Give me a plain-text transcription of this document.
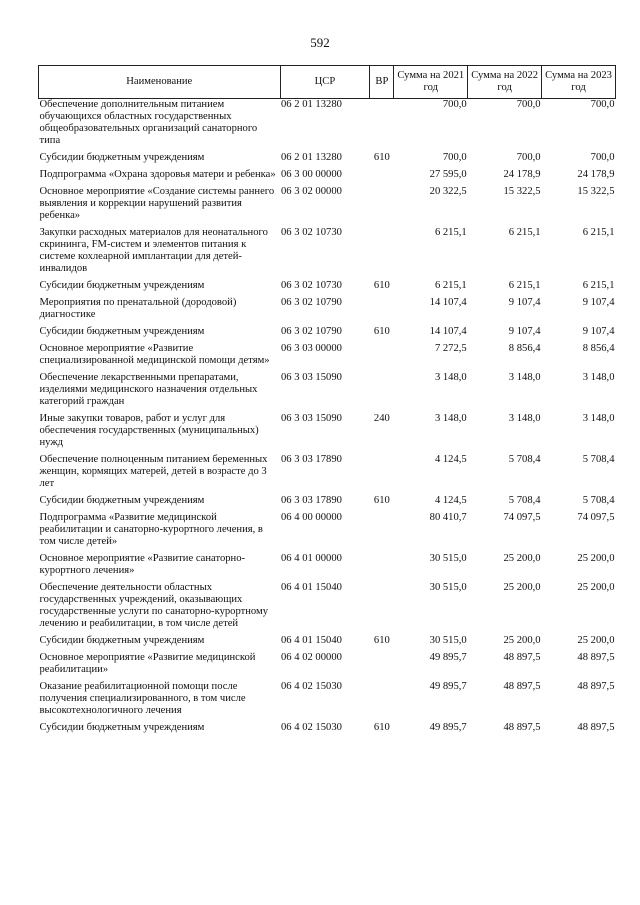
592
Наименование	ЦСР	ВР	Сумма на 2021 год	Сумма на 2022 год	Сумма на 2023 год
Обеспечение дополнительным питанием обучающихся областных государственных общеобразовательных организаций санаторного типа	06 2 01 13280		700,0	700,0	700,0
Субсидии бюджетным учреждениям	06 2 01 13280	610	700,0	700,0	700,0
Подпрограмма «Охрана здоровья матери и ребенка»	06 3 00 00000		27 595,0	24 178,9	24 178,9
Основное мероприятие «Создание системы раннего выявления и коррекции нарушений развития ребенка»	06 3 02 00000		20 322,5	15 322,5	15 322,5
Закупки расходных материалов для неонатального скрининга, FM-систем и элементов питания к системе кохлеарной имплантации для детей-инвалидов	06 3 02 10730		6 215,1	6 215,1	6 215,1
Субсидии бюджетным учреждениям	06 3 02 10730	610	6 215,1	6 215,1	6 215,1
Мероприятия по пренатальной (дородовой) диагностике	06 3 02 10790		14 107,4	9 107,4	9 107,4
Субсидии бюджетным учреждениям	06 3 02 10790	610	14 107,4	9 107,4	9 107,4
Основное мероприятие «Развитие специализированной медицинской помощи детям»	06 3 03 00000		7 272,5	8 856,4	8 856,4
Обеспечение лекарственными препаратами, изделиями медицинского назначения отдельных категорий граждан	06 3 03 15090		3 148,0	3 148,0	3 148,0
Иные закупки товаров, работ и услуг для обеспечения государственных (муниципальных) нужд	06 3 03 15090	240	3 148,0	3 148,0	3 148,0
Обеспечение полноценным питанием беременных женщин, кормящих матерей, детей в возрасте до 3 лет	06 3 03 17890		4 124,5	5 708,4	5 708,4
Субсидии бюджетным учреждениям	06 3 03 17890	610	4 124,5	5 708,4	5 708,4
Подпрограмма «Развитие медицинской реабилитации и санаторно-курортного лечения, в том числе детей»	06 4 00 00000		80 410,7	74 097,5	74 097,5
Основное мероприятие «Развитие санаторно-курортного лечения»	06 4 01 00000		30 515,0	25 200,0	25 200,0
Обеспечение деятельности областных государственных учреждений, оказывающих государственные услуги по санаторно-курортному лечению и реабилитации, в том числе детей	06 4 01 15040		30 515,0	25 200,0	25 200,0
Субсидии бюджетным учреждениям	06 4 01 15040	610	30 515,0	25 200,0	25 200,0
Основное мероприятие «Развитие медицинской реабилитации»	06 4 02 00000		49 895,7	48 897,5	48 897,5
Оказание реабилитационной помощи после получения специализированного, в том числе высокотехнологичного лечения	06 4 02 15030		49 895,7	48 897,5	48 897,5
Субсидии бюджетным учреждениям	06 4 02 15030	610	49 895,7	48 897,5	48 897,5
